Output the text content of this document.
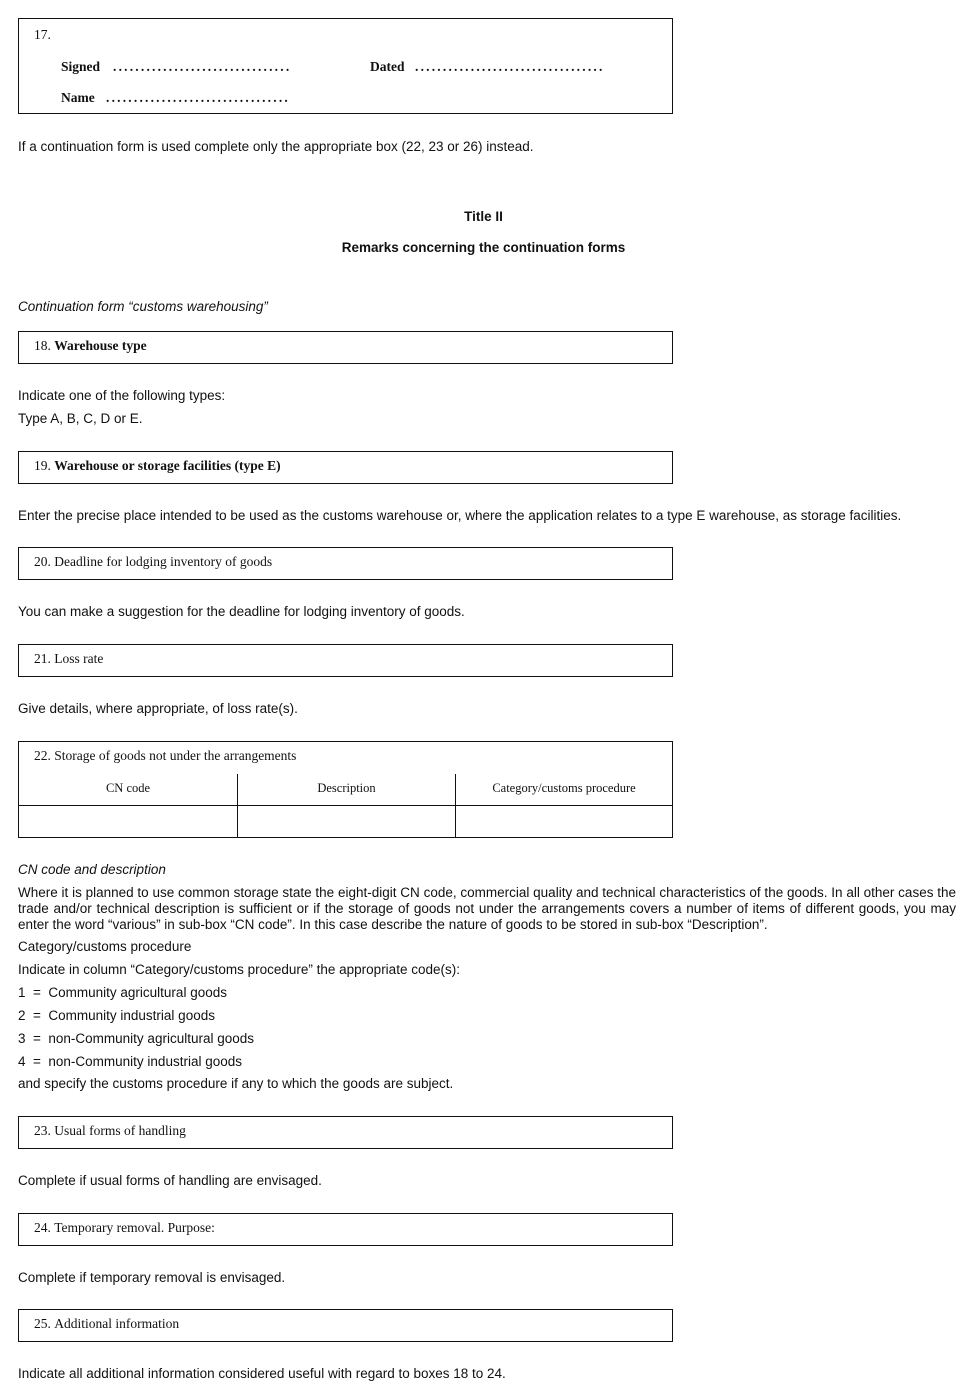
17.
Signed ................................	Dated ..................................
Name .................................
If a continuation form is used complete only the appropriate box (22, 23 or 26) instead.
Title II
Remarks concerning the continuation forms
Continuation form “customs warehousing”
18. Warehouse type
Indicate one of the following types:
Type A, B, C, D or E.
19. Warehouse or storage facilities (type E)
Enter the precise place intended to be used as the customs warehouse or, where the application relates to a type E warehouse, as storage facilities.
20. Deadline for lodging inventory of goods
You can make a suggestion for the deadline for lodging inventory of goods.
21. Loss rate
Give details, where appropriate, of loss rate(s).
22. Storage of goods not under the arrangements
CN code	Description	Category/customs procedure
CN code and description
Where it is planned to use common storage state the eight-digit CN code, commercial quality and technical characteristics of the goods. In all other cases the trade and/or technical description is sufficient or if the storage of goods not under the arrangements covers a number of items of different goods, you may enter the word “various” in sub-box “CN code”. In this case describe the nature of goods to be stored in sub-box “Description”.
Category/customs procedure
Indicate in column “Category/customs procedure” the appropriate code(s):
1  =  Community agricultural goods
2  =  Community industrial goods
3  =  non-Community agricultural goods
4  =  non-Community industrial goods
and specify the customs procedure if any to which the goods are subject.
23. Usual forms of handling
Complete if usual forms of handling are envisaged.
24. Temporary removal. Purpose:
Complete if temporary removal is envisaged.
25. Additional information
Indicate all additional information considered useful with regard to boxes 18 to 24.
